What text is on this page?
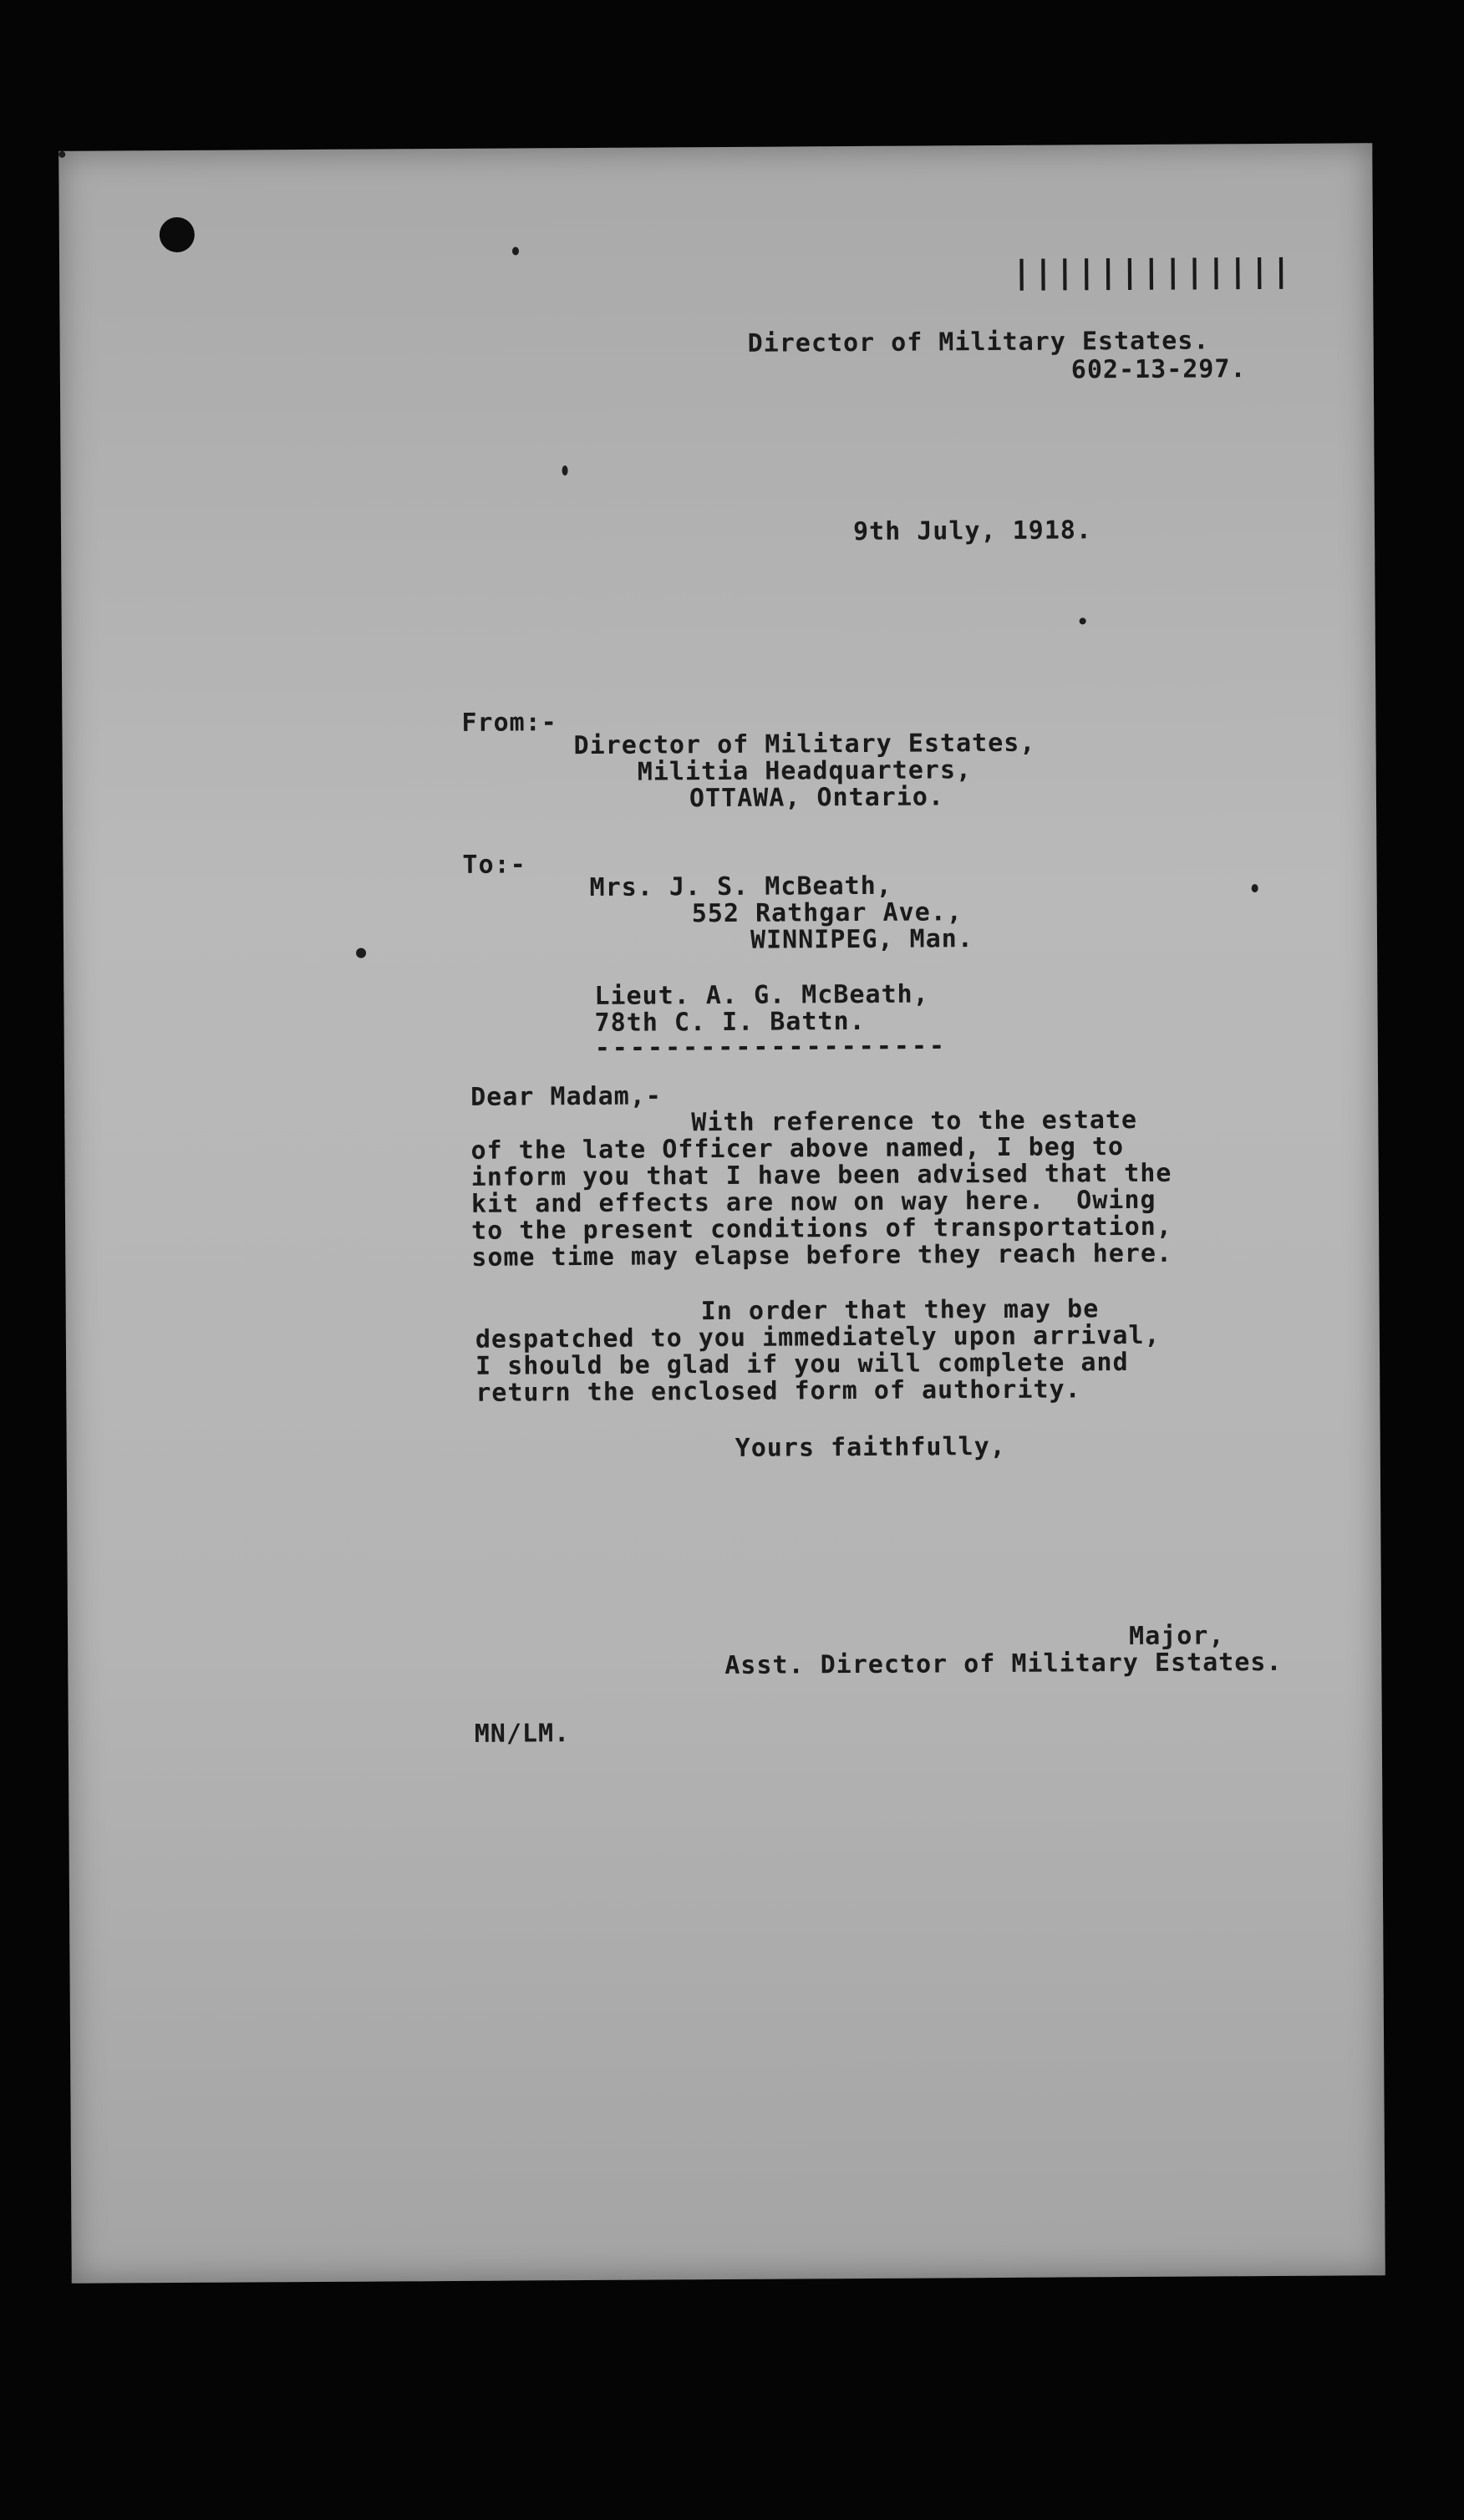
|||||||||||||
Director of Military Estates.
602-13-297.
9th July, 1918.
From:-
Director of Military Estates,
Militia Headquarters,
OTTAWA, Ontario.
To:-
Mrs. J. S. McBeath,
552 Rathgar Ave.,
WINNIPEG, Man.
Lieut. A. G. McBeath,
78th C. I. Battn.
--------------------
Dear Madam,-
With reference to the estate
of the late Officer above named, I beg to
inform you that I have been advised that the
kit and effects are now on way here.  Owing
to the present conditions of transportation,
some time may elapse before they reach here.
In order that they may be
despatched to you immediately upon arrival,
I should be glad if you will complete and
return the enclosed form of authority.
Yours faithfully,
Major,
Asst. Director of Military Estates.
MN/LM.
